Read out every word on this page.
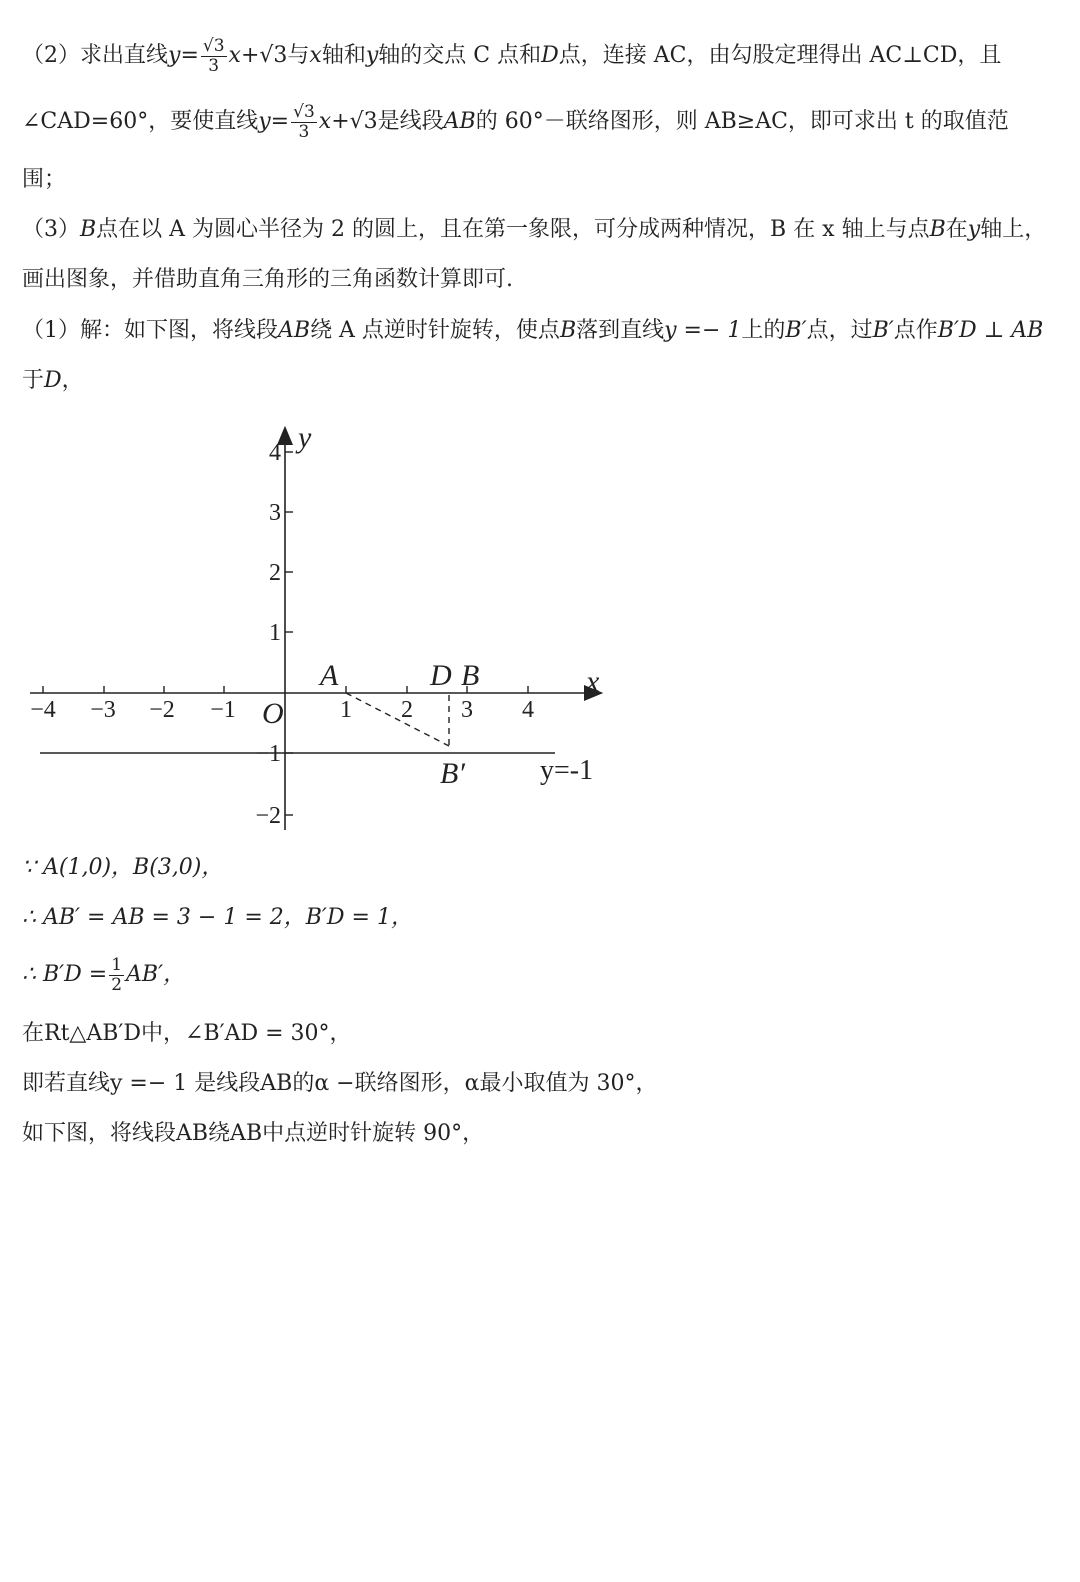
（2）求出直线 $y = \frac{√3}{3}$ x + √3 与 x 轴和 y 轴的交点 C 点和 D 点，连接 AC，由勾股定理得出 AC⊥CD，且
∠CAD=60°，要使直线 $y = \frac{√3}{3}$ x + √3 是线段 AB 的 60°－联络图形，则 AB≥AC，即可求出 t 的取值范
围；
（3） B 点在以 A 为圆心半径为 2 的圆上，且在第一象限，可分成两种情况，B 在 x 轴上与点 B 在 y 轴上，
画出图象，并借助直角三角形的三角函数计算即可.
（1）解：如下图，将线段 AB 绕 A 点逆时针旋转，使点 B 落到直线 y =− 1 上的 B′ 点，过 B′ 点作 B′D ⊥ AB
于 D ，
−4 −3 −2 −1	1 2 3 4
4
3
2
1
−1
−2
x
y
O
A	D B
B′	y=-1
∵ A(1,0)，B(3,0)，
∴ AB′ = AB = 3 − 1 = 2，B′D = 1，
∴ $B'D = \frac{1}{2} AB'$，
在Rt△AB′D中，∠B′AD = 30°，
即若直线y =− 1 是线段AB的α −联络图形，α最小取值为 30°，
如下图，将线段AB绕AB中点逆时针旋转 90°，
